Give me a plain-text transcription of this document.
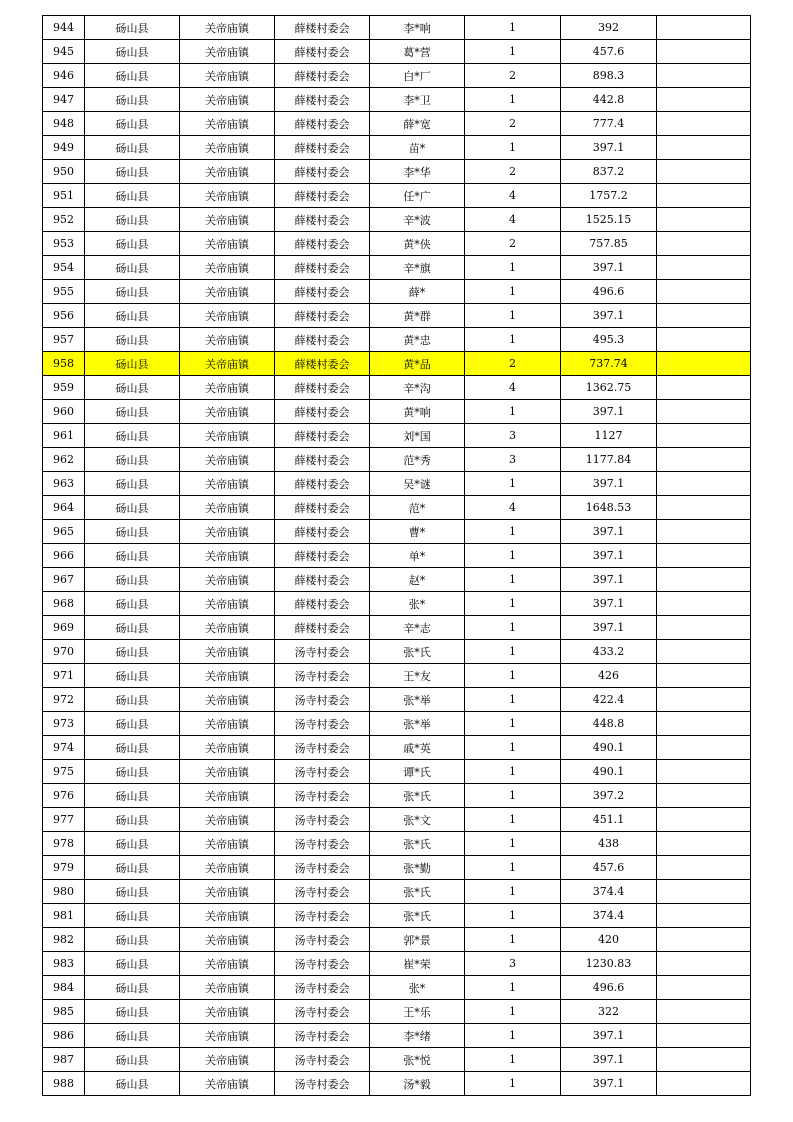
944	砀山县	关帝庙镇	薛楼村委会	李*响	1	392	
945	砀山县	关帝庙镇	薛楼村委会	葛*营	1	457.6	
946	砀山县	关帝庙镇	薛楼村委会	白*厂	2	898.3	
947	砀山县	关帝庙镇	薛楼村委会	李*卫	1	442.8	
948	砀山县	关帝庙镇	薛楼村委会	薛*宽	2	777.4	
949	砀山县	关帝庙镇	薛楼村委会	苗*	1	397.1	
950	砀山县	关帝庙镇	薛楼村委会	李*华	2	837.2	
951	砀山县	关帝庙镇	薛楼村委会	任*广	4	1757.2	
952	砀山县	关帝庙镇	薛楼村委会	辛*波	4	1525.15	
953	砀山县	关帝庙镇	薛楼村委会	黄*侠	2	757.85	
954	砀山县	关帝庙镇	薛楼村委会	辛*旗	1	397.1	
955	砀山县	关帝庙镇	薛楼村委会	薛*	1	496.6	
956	砀山县	关帝庙镇	薛楼村委会	黄*群	1	397.1	
957	砀山县	关帝庙镇	薛楼村委会	黄*忠	1	495.3	
958	砀山县	关帝庙镇	薛楼村委会	黄*品	2	737.74	
959	砀山县	关帝庙镇	薛楼村委会	辛*沟	4	1362.75	
960	砀山县	关帝庙镇	薛楼村委会	黄*响	1	397.1	
961	砀山县	关帝庙镇	薛楼村委会	刘*国	3	1127	
962	砀山县	关帝庙镇	薛楼村委会	范*秀	3	1177.84	
963	砀山县	关帝庙镇	薛楼村委会	吴*谜	1	397.1	
964	砀山县	关帝庙镇	薛楼村委会	范*	4	1648.53	
965	砀山县	关帝庙镇	薛楼村委会	曹*	1	397.1	
966	砀山县	关帝庙镇	薛楼村委会	单*	1	397.1	
967	砀山县	关帝庙镇	薛楼村委会	赵*	1	397.1	
968	砀山县	关帝庙镇	薛楼村委会	张*	1	397.1	
969	砀山县	关帝庙镇	薛楼村委会	辛*志	1	397.1	
970	砀山县	关帝庙镇	汤寺村委会	张*氏	1	433.2	
971	砀山县	关帝庙镇	汤寺村委会	王*友	1	426	
972	砀山县	关帝庙镇	汤寺村委会	张*举	1	422.4	
973	砀山县	关帝庙镇	汤寺村委会	张*举	1	448.8	
974	砀山县	关帝庙镇	汤寺村委会	戚*英	1	490.1	
975	砀山县	关帝庙镇	汤寺村委会	谭*氏	1	490.1	
976	砀山县	关帝庙镇	汤寺村委会	张*氏	1	397.2	
977	砀山县	关帝庙镇	汤寺村委会	张*文	1	451.1	
978	砀山县	关帝庙镇	汤寺村委会	张*氏	1	438	
979	砀山县	关帝庙镇	汤寺村委会	张*勤	1	457.6	
980	砀山县	关帝庙镇	汤寺村委会	张*氏	1	374.4	
981	砀山县	关帝庙镇	汤寺村委会	张*氏	1	374.4	
982	砀山县	关帝庙镇	汤寺村委会	郭*景	1	420	
983	砀山县	关帝庙镇	汤寺村委会	崔*荣	3	1230.83	
984	砀山县	关帝庙镇	汤寺村委会	张*	1	496.6	
985	砀山县	关帝庙镇	汤寺村委会	王*乐	1	322	
986	砀山县	关帝庙镇	汤寺村委会	李*绪	1	397.1	
987	砀山县	关帝庙镇	汤寺村委会	张*悦	1	397.1	
988	砀山县	关帝庙镇	汤寺村委会	汤*毅	1	397.1	
